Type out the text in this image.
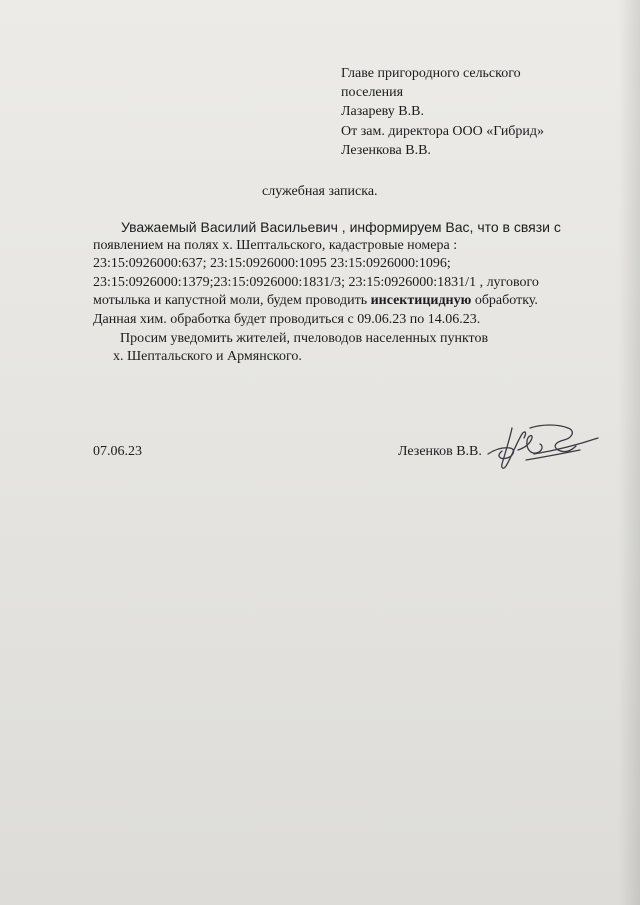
Главе пригородного сельского
поселения
Лазареву В.В.
От зам. директора ООО «Гибрид»
Лезенкова В.В.
служебная записка.
Уважаемый Василий Васильевич , информируем Вас, что в связи с
появлением на полях х. Шептальского, кадастровые номера :
23:15:0926000:637; 23:15:0926000:1095 23:15:0926000:1096;
23:15:0926000:1379;23:15:0926000:1831/3; 23:15:0926000:1831/1 , лугового
мотылька и капустной моли, будем проводить инсектицидную обработку.
Данная хим. обработка будет проводиться с 09.06.23 по 14.06.23.
Просим уведомить жителей, пчеловодов населенных пунктов
х. Шептальского и Армянского.
07.06.23	Лезенков В.В.
